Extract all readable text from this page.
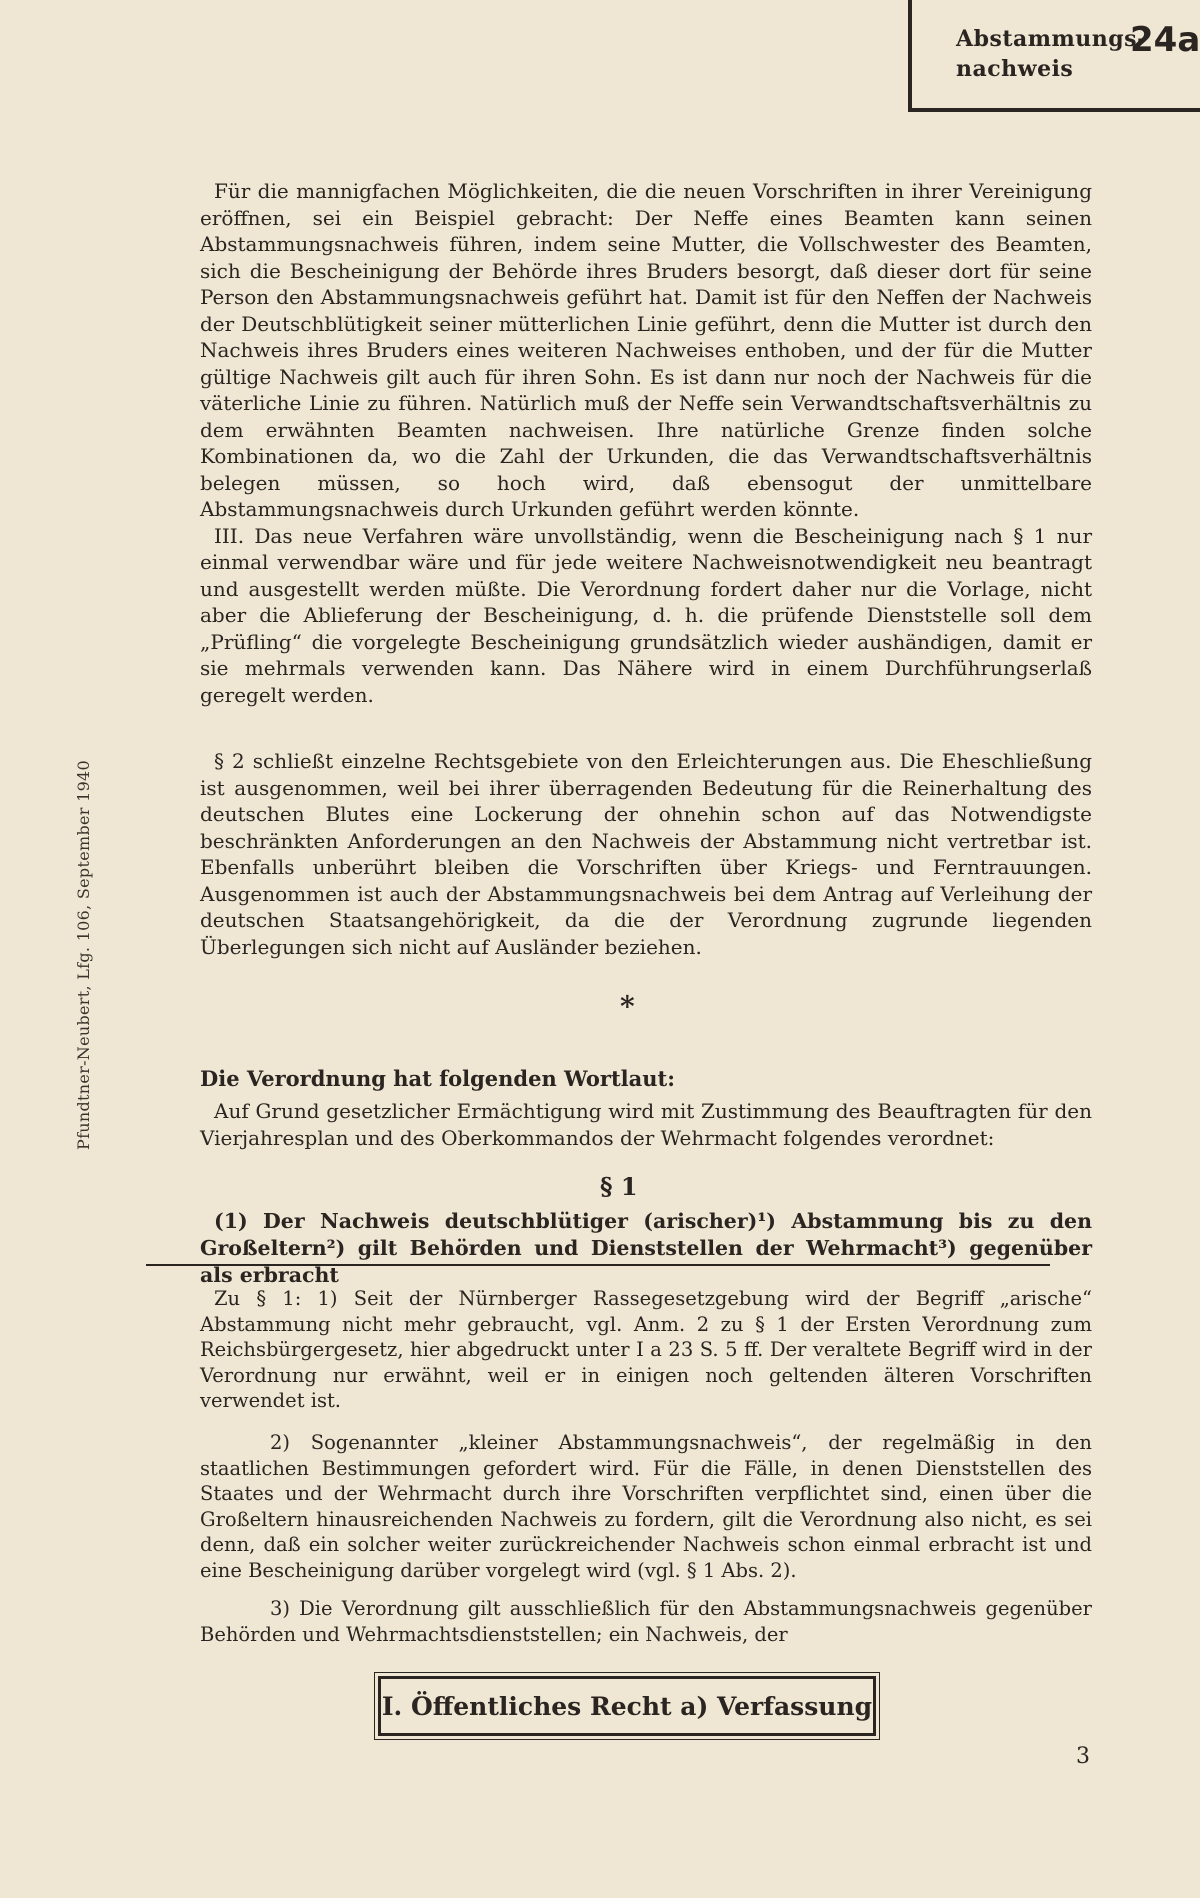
Abstammungs-nachweis
24a
Pfundtner-Neubert, Lfg. 106, September 1940

Für die mannigfachen Möglichkeiten, die die neuen Vorschriften in ihrer Vereinigung eröffnen, sei ein Beispiel gebracht: Der Neffe eines Beamten kann seinen Abstammungsnachweis führen, indem seine Mutter, die Vollschwester des Beamten, sich die Bescheinigung der Behörde ihres Bruders besorgt, daß dieser dort für seine Person den Abstammungsnachweis geführt hat. Damit ist für den Neffen der Nachweis der Deutschblütigkeit seiner mütterlichen Linie geführt, denn die Mutter ist durch den Nachweis ihres Bruders eines weiteren Nachweises enthoben, und der für die Mutter gültige Nachweis gilt auch für ihren Sohn. Es ist dann nur noch der Nachweis für die väterliche Linie zu führen. Natürlich muß der Neffe sein Verwandtschaftsverhältnis zu dem erwähnten Beamten nachweisen. Ihre natürliche Grenze finden solche Kombinationen da, wo die Zahl der Urkunden, die das Verwandtschaftsverhältnis belegen müssen, so hoch wird, daß ebensogut der unmittelbare Abstammungsnachweis durch Urkunden geführt werden könnte.

III. Das neue Verfahren wäre unvollständig, wenn die Bescheinigung nach § 1 nur einmal verwendbar wäre und für jede weitere Nachweisnotwendigkeit neu beantragt und ausgestellt werden müßte. Die Verordnung fordert daher nur die Vorlage, nicht aber die Ablieferung der Bescheinigung, d. h. die prüfende Dienststelle soll dem „Prüfling“ die vorgelegte Bescheinigung grundsätzlich wieder aushändigen, damit er sie mehrmals verwenden kann. Das Nähere wird in einem Durchführungserlaß geregelt werden.

§ 2 schließt einzelne Rechtsgebiete von den Erleichterungen aus. Die Eheschließung ist ausgenommen, weil bei ihrer überragenden Bedeutung für die Reinerhaltung des deutschen Blutes eine Lockerung der ohnehin schon auf das Notwendigste beschränkten Anforderungen an den Nachweis der Abstammung nicht vertretbar ist. Ebenfalls unberührt bleiben die Vorschriften über Kriegs- und Ferntrauungen. Ausgenommen ist auch der Abstammungsnachweis bei dem Antrag auf Verleihung der deutschen Staatsangehörigkeit, da die der Verordnung zugrunde liegenden Überlegungen sich nicht auf Ausländer beziehen.

*
Die Verordnung hat folgenden Wortlaut:

Auf Grund gesetzlicher Ermächtigung wird mit Zustimmung des Beauftragten für den Vierjahresplan und des Oberkommandos der Wehrmacht folgendes verordnet:

§ 1

(1) Der Nachweis deutschblütiger (arischer)¹) Abstammung bis zu den Großeltern²) gilt Behörden und Dienststellen der Wehrmacht³) gegenüber als erbracht

Zu § 1: 1) Seit der Nürnberger Rassegesetzgebung wird der Begriff „arische“ Abstammung nicht mehr gebraucht, vgl. Anm. 2 zu § 1 der Ersten Verordnung zum Reichsbürgergesetz, hier abgedruckt unter I a 23 S. 5 ff. Der veraltete Begriff wird in der Verordnung nur erwähnt, weil er in einigen noch geltenden älteren Vorschriften verwendet ist.

2) Sogenannter „kleiner Abstammungsnachweis“, der regelmäßig in den staatlichen Bestimmungen gefordert wird. Für die Fälle, in denen Dienststellen des Staates und der Wehrmacht durch ihre Vorschriften verpflichtet sind, einen über die Großeltern hinausreichenden Nachweis zu fordern, gilt die Verordnung also nicht, es sei denn, daß ein solcher weiter zurückreichender Nachweis schon einmal erbracht ist und eine Bescheinigung darüber vorgelegt wird (vgl. § 1 Abs. 2).

3) Die Verordnung gilt ausschließlich für den Abstammungsnachweis gegenüber Behörden und Wehrmachtsdienststellen; ein Nachweis, der

I. Öffentliches Recht a) Verfassung
3
